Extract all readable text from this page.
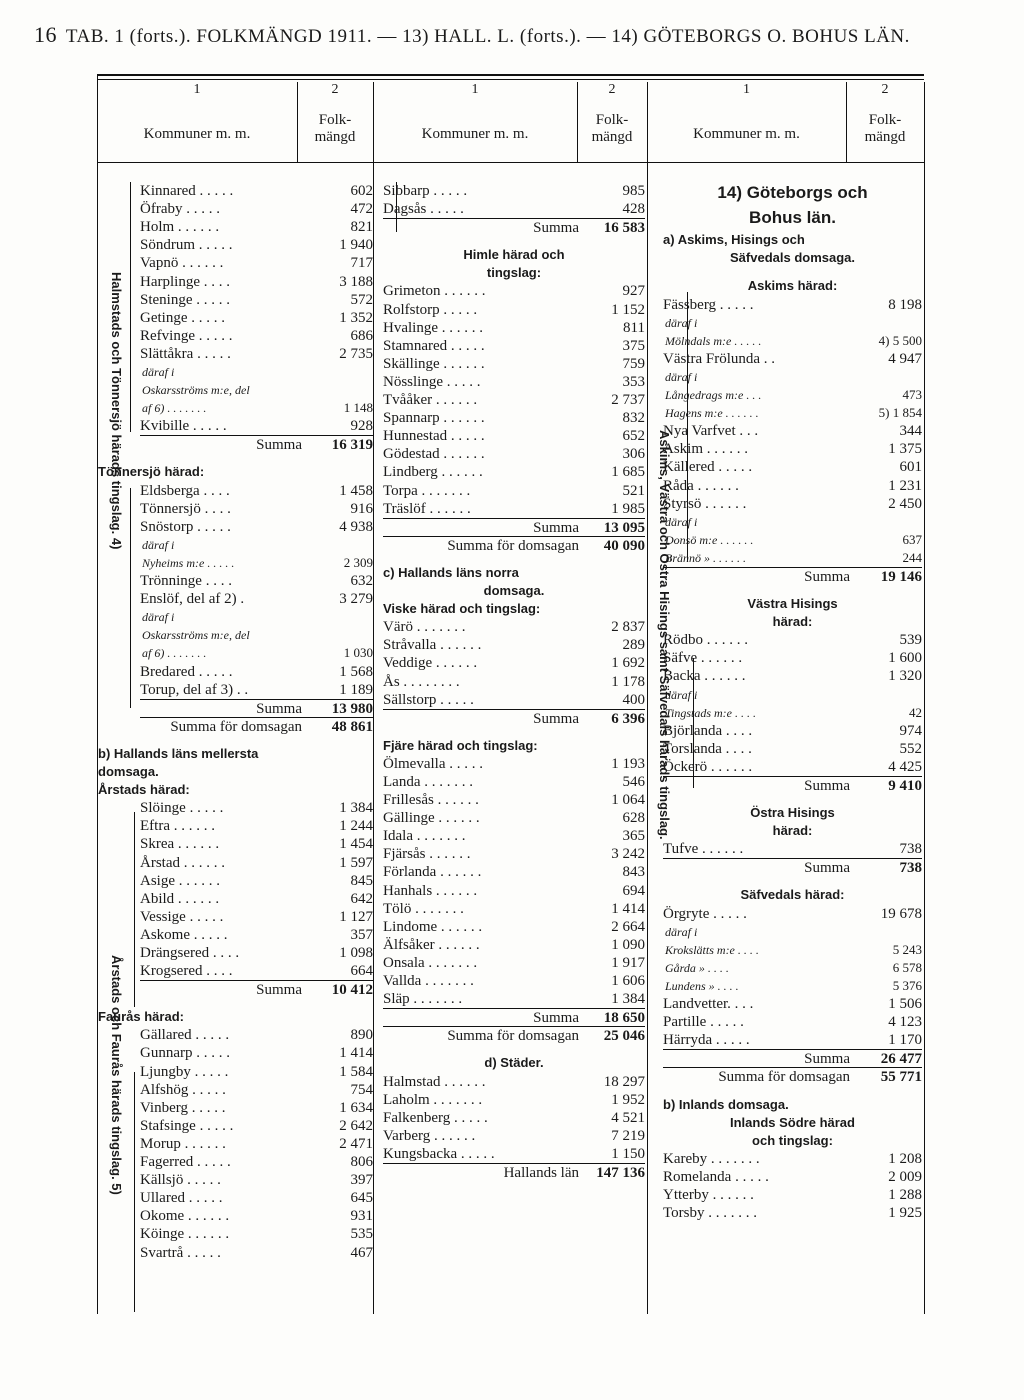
16 TAB. 1 (forts.). FOLKMÄNGD 1911. — 13) HALL. L. (forts.). — 14) GÖTEBORGS O. BOHUS LÄN.
1	2	1	2	1	2
Kommuner m. m.
Folk-
mängd	Kommuner m. m.
Folk-
mängd	Kommuner m. m.
Folk-
mängd
Halmstads och Tönnersjö härads tingslag. 4)
Årstads och Faurås härads tingslag. 5)
Askims, Västra och Östra Hisings samt Säfvedals härads tingslag.
Kinnared . . . . .	602
Öfraby . . . . .	472
Holm . . . . . .	821
Söndrum . . . . .	1 940
Vapnö . . . . . .	717
Harplinge . . . .	3 188
Steninge . . . . .	572
Getinge . . . . .	1 352
Refvinge . . . . .	686
Slättåkra . . . . .	2 735
däraf i
Oskarsströms m:e, del
af 6) . . . . . . .	1 148
Kvibille . . . . .	928
Summa 16 319
Tönnersjö härad:
Eldsberga . . . .	1 458
Tönnersjö . . . .	916
Snöstorp . . . . .	4 938
däraf i
Nyheims m:e . . . . .	2 309
Trönninge . . . .	632
Enslöf, del af 2) .	3 279
däraf i
Oskarsströms m:e, del
af 6) . . . . . . .	1 030
Bredared . . . . .	1 568
Torup, del af 3) . .	1 189
Summa 13 980
Summa för domsagan 48 861
b) Hallands läns mellersta
domsaga.
Årstads härad:
Slöinge . . . . .	1 384
Eftra . . . . . .	1 244
Skrea . . . . . .	1 454
Årstad . . . . . .	1 597
Asige . . . . . .	845
Abild . . . . . .	642
Vessige . . . . .	1 127
Askome . . . . .	357
Drängsered . . . .	1 098
Krogsered . . . .	664
Summa 10 412
Faurås härad:
Gällared . . . . .	890
Gunnarp . . . . .	1 414
Ljungby . . . . .	1 584
Alfshög . . . . .	754
Vinberg . . . . .	1 634
Stafsinge . . . . .	2 642
Morup . . . . . .	2 471
Fagerred . . . . .	806
Källsjö . . . . .	397
Ullared . . . . .	645
Okome . . . . . .	931
Köinge . . . . . .	535
Svartrå . . . . .	467
Sibbarp . . . . .	985
Dagsås . . . . .	428
Summa 16 583
Himle härad och
tingslag:
Grimeton . . . . . .	927
Rolfstorp . . . . .	1 152
Hvalinge . . . . . .	811
Stamnared . . . . .	375
Skällinge . . . . . .	759
Nösslinge . . . . .	353
Tvååker . . . . . .	2 737
Spannarp . . . . . .	832
Hunnestad . . . . .	652
Gödestad . . . . . .	306
Lindberg . . . . . .	1 685
Torpa . . . . . . .	521
Träslöf . . . . . .	1 985
Summa 13 095
Summa för domsagan 40 090
c) Hallands läns norra
domsaga.
Viske härad och tingslag:
Värö . . . . . . .	2 837
Stråvalla . . . . . .	289
Veddige . . . . . .	1 692
Ås . . . . . . . .	1 178
Sällstorp . . . . .	400
Summa 6 396
Fjäre härad och tingslag:
Ölmevalla . . . . .	1 193
Landa . . . . . . .	546
Frillesås . . . . . .	1 064
Gällinge . . . . . .	628
Idala . . . . . . .	365
Fjärsås . . . . . .	3 242
Förlanda . . . . . .	843
Hanhals . . . . . .	694
Tölö . . . . . . .	1 414
Lindome . . . . . .	2 664
Älfsåker . . . . . .	1 090
Onsala . . . . . . .	1 917
Vallda . . . . . . .	1 606
Släp . . . . . . .	1 384
Summa 18 650
Summa för domsagan 25 046
d) Städer.
Halmstad . . . . . .	18 297
Laholm . . . . . . .	1 952
Falkenberg . . . . .	4 521
Varberg . . . . . .	7 219
Kungsbacka . . . . .	1 150
Hallands län 147 136
14) Göteborgs och
Bohus län.
a) Askims, Hisings och
Säfvedals domsaga.
Askims härad:
Fässberg . . . . .	8 198
däraf i
Mölndals m:e . . . . .	4) 5 500
Västra Frölunda . .	4 947
däraf i
Långedrags m:e . . .	473
Hagens m:e . . . . . .	5) 1 854
Nya Varfvet . . .	344
Askim . . . . . .	1 375
Källered . . . . .	601
Råda . . . . . .	1 231
Styrsö . . . . . .	2 450
däraf i
Donsö m:e . . . . . .	637
Brännö » . . . . . .	244
Summa 19 146
Västra Hisings
härad:
Rödbo . . . . . .	539
Säfve . . . . . .	1 600
Backa . . . . . .	1 320
däraf i
Tingstads m:e . . . .	42
Björlanda . . . .	974
Torslanda . . . .	552
Öckerö . . . . . .	4 425
Summa	9 410
Östra Hisings
härad:
Tufve . . . . . .	738
Summa	738
Säfvedals härad:
Örgryte . . . . .	19 678
däraf i
Krokslätts m:e . . . .	5 243
Gårda » . . . .	6 578
Lundens » . . . .	5 376
Landvetter. . . .	1 506
Partille . . . . .	4 123
Härryda . . . . .	1 170
Summa 26 477
Summa för domsagan 55 771
b) Inlands domsaga.
Inlands Södre härad
och tingslag:
Kareby . . . . . . .	1 208
Romelanda . . . . .	2 009
Ytterby . . . . . .	1 288
Torsby . . . . . . .	1 925
